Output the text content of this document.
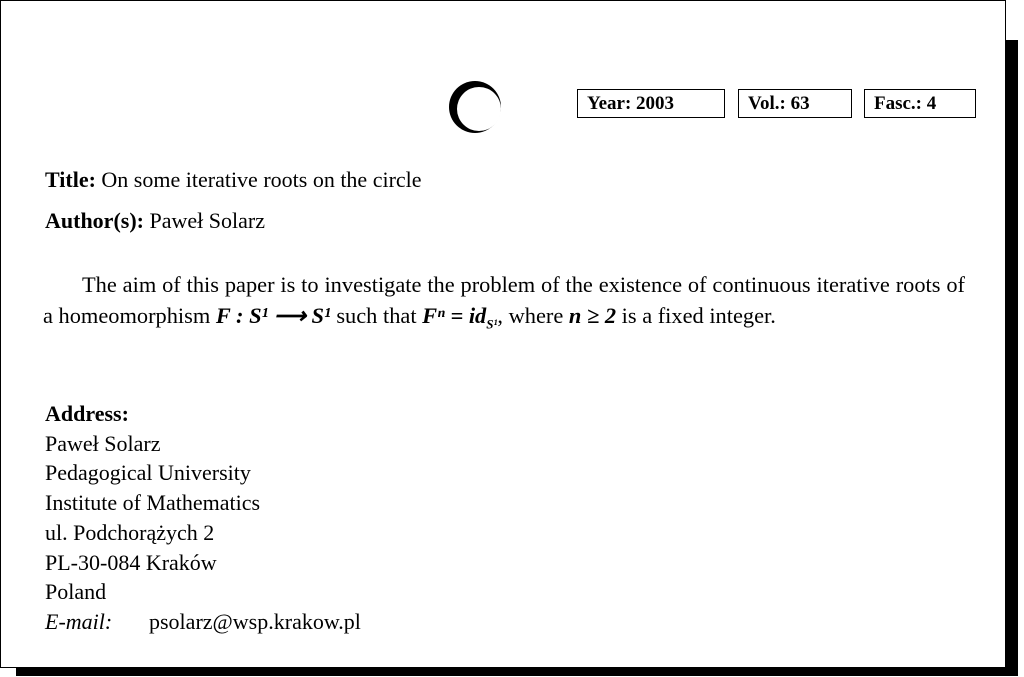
Year: 2003	Vol.: 63	Fasc.: 4
Title: On some iterative roots on the circle
Author(s): Paweł Solarz
The aim of this paper is to investigate the problem of the existence of continuous iterative roots of a homeomorphism F : S¹ ⟶ S¹ such that $F^n = id_{S^1}$, where n ≥ 2 is a fixed integer.
Address:
Paweł Solarz
Pedagogical University
Institute of Mathematics
ul. Podchorążych 2
PL-30-084 Kraków
Poland
E-mail: psolarz@wsp.krakow.pl
